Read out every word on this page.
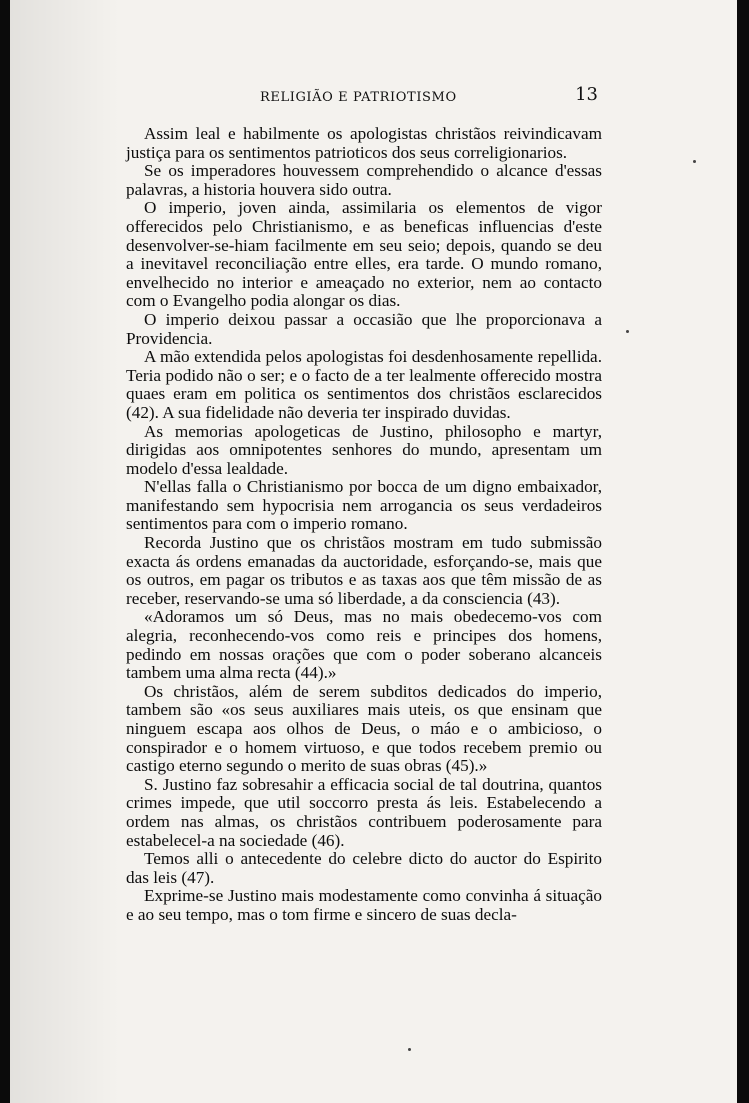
RELIGIÃO E PATRIOTISMO	13

Assim leal e habilmente os apologistas christãos reivindicavam justiça para os sentimentos patrioticos dos seus correligionarios.

Se os imperadores houvessem comprehendido o alcance d'essas palavras, a historia houvera sido outra.

O imperio, joven ainda, assimilaria os elementos de vigor offerecidos pelo Christianismo, e as beneficas influencias d'este desenvolver-se-hiam facilmente em seu seio; depois, quando se deu a inevitavel reconciliação entre elles, era tarde. O mundo romano, envelhecido no interior e ameaçado no exterior, nem ao contacto com o Evangelho podia alongar os dias.

O imperio deixou passar a occasião que lhe proporcionava a Providencia.

A mão extendida pelos apologistas foi desdenhosamente repellida. Teria podido não o ser; e o facto de a ter lealmente offerecido mostra quaes eram em politica os sentimentos dos christãos esclarecidos (42). A sua fidelidade não deveria ter inspirado duvidas.

As memorias apologeticas de Justino, philosopho e martyr, dirigidas aos omnipotentes senhores do mundo, apresentam um modelo d'essa lealdade.

N'ellas falla o Christianismo por bocca de um digno embaixador, manifestando sem hypocrisia nem arrogancia os seus verdadeiros sentimentos para com o imperio romano.

Recorda Justino que os christãos mostram em tudo submissão exacta ás ordens emanadas da auctoridade, esforçando-se, mais que os outros, em pagar os tributos e as taxas aos que têm missão de as receber, reservando-se uma só liberdade, a da consciencia (43).

«Adoramos um só Deus, mas no mais obedecemo-vos com alegria, reconhecendo-vos como reis e principes dos homens, pedindo em nossas orações que com o poder soberano alcanceis tambem uma alma recta (44).»

Os christãos, além de serem subditos dedicados do imperio, tambem são «os seus auxiliares mais uteis, os que ensinam que ninguem escapa aos olhos de Deus, o máo e o ambicioso, o conspirador e o homem virtuoso, e que todos recebem premio ou castigo eterno segundo o merito de suas obras (45).»

S. Justino faz sobresahir a efficacia social de tal doutrina, quantos crimes impede, que util soccorro presta ás leis. Estabelecendo a ordem nas almas, os christãos contribuem poderosamente para estabelecel-a na sociedade (46).

Temos alli o antecedente do celebre dicto do auctor do Espirito das leis (47).

Exprime-se Justino mais modestamente como convinha á situação e ao seu tempo, mas o tom firme e sincero de suas decla-
